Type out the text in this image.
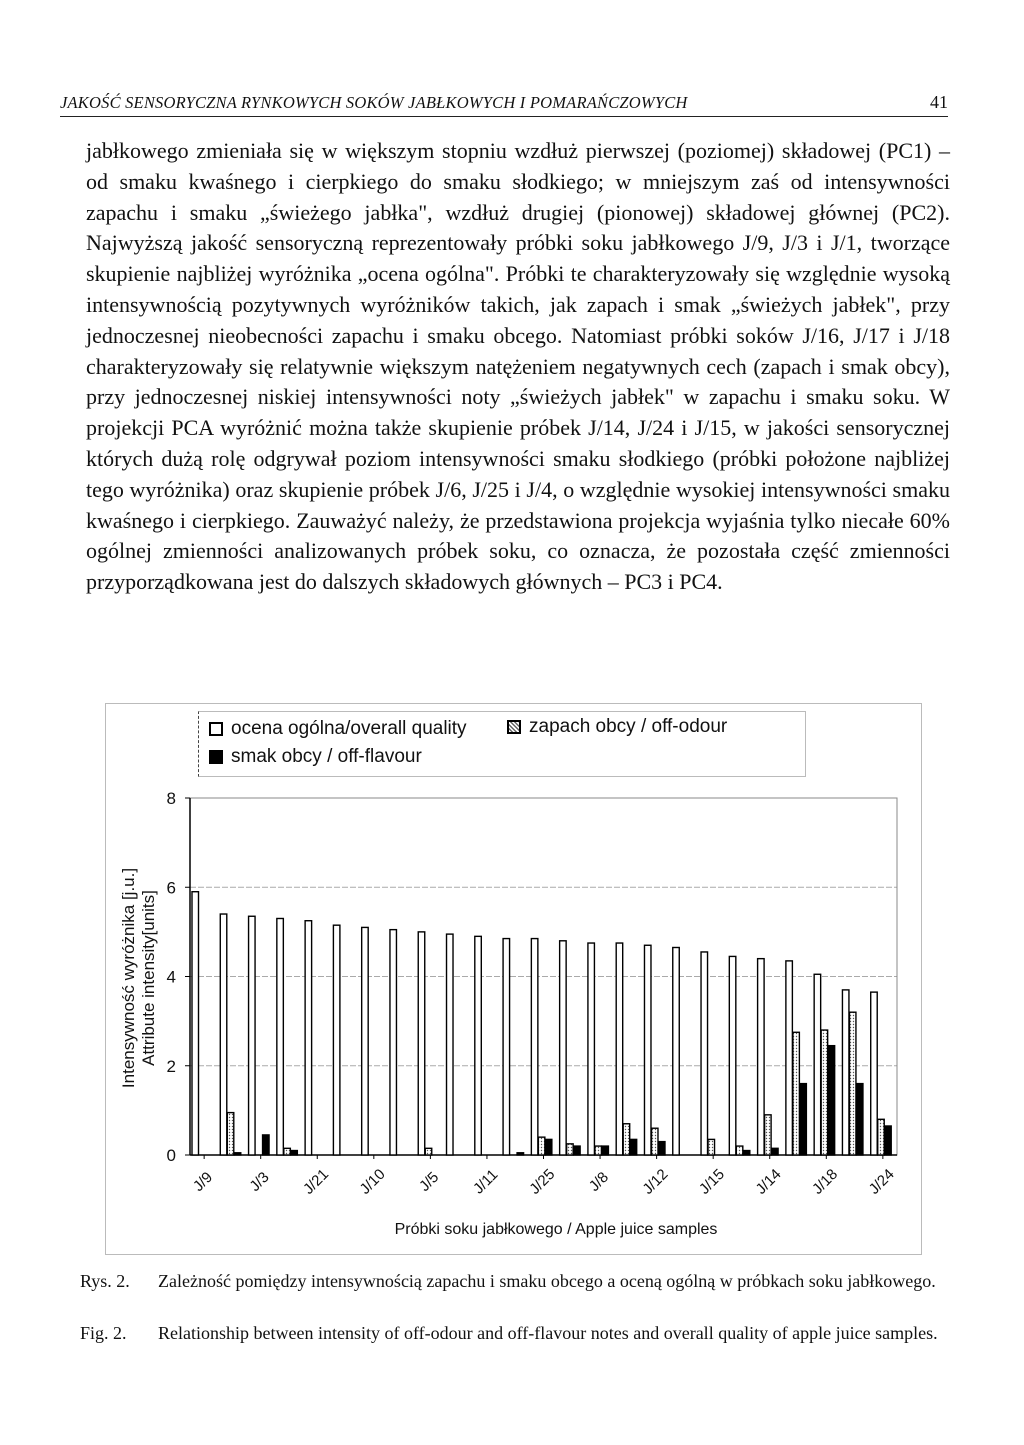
JAKOŚĆ SENSORYCZNA RYNKOWYCH SOKÓW JABŁKOWYCH I POMARAŃCZOWYCH	41
jabłkowego zmieniała się w większym stopniu wzdłuż pierwszej (poziomej) składowej (PC1) – od smaku kwaśnego i cierpkiego do smaku słodkiego; w mniejszym zaś od intensywności zapachu i smaku „świeżego jabłka", wzdłuż drugiej (pionowej) składowej głównej (PC2). Najwyższą jakość sensoryczną reprezentowały próbki soku jabłkowego J/9, J/3 i J/1, tworzące skupienie najbliżej wyróżnika „ocena ogólna". Próbki te charakteryzowały się względnie wysoką intensywnością pozytywnych wyróżników takich, jak zapach i smak „świeżych jabłek", przy jednoczesnej nieobecności zapachu i smaku obcego. Natomiast próbki soków J/16, J/17 i J/18 charakteryzowały się relatywnie większym natężeniem negatywnych cech (zapach i smak obcy), przy jednoczesnej niskiej intensywności noty „świeżych jabłek" w zapachu i smaku soku. W projekcji PCA wyróżnić można także skupienie próbek J/14, J/24 i J/15, w jakości sensorycznej których dużą rolę odgrywał poziom intensywności smaku słodkiego (próbki położone najbliżej tego wyróżnika) oraz skupienie próbek J/6, J/25 i J/4, o względnie wysokiej intensywności smaku kwaśnego i cierpkiego. Zauważyć należy, że przedstawiona projekcja wyjaśnia tylko niecałe 60% ogólnej zmienności analizowanych próbek soku, co oznacza, że pozostała część zmienności przyporządkowana jest do dalszych składowych głównych – PC3 i PC4.
ocena ogólna/overall quality	zapach obcy / off-odour
smak obcy / off-flavour
0
2
4
6
8
J/9 J/3 J/21 J/10 J/5 J/11 J/25 J/8 J/12 J/15 J/14 J/18 J/24
Intensywność wyróżnika [j.u.] Attribute intensity[units]
Próbki soku jabłkowego / Apple juice samples
Rys. 2. Zależność pomiędzy intensywnością zapachu i smaku obcego a oceną ogólną w próbkach soku jabłkowego.
Fig. 2. Relationship between intensity of off-odour and off-flavour notes and overall quality of apple juice samples.
